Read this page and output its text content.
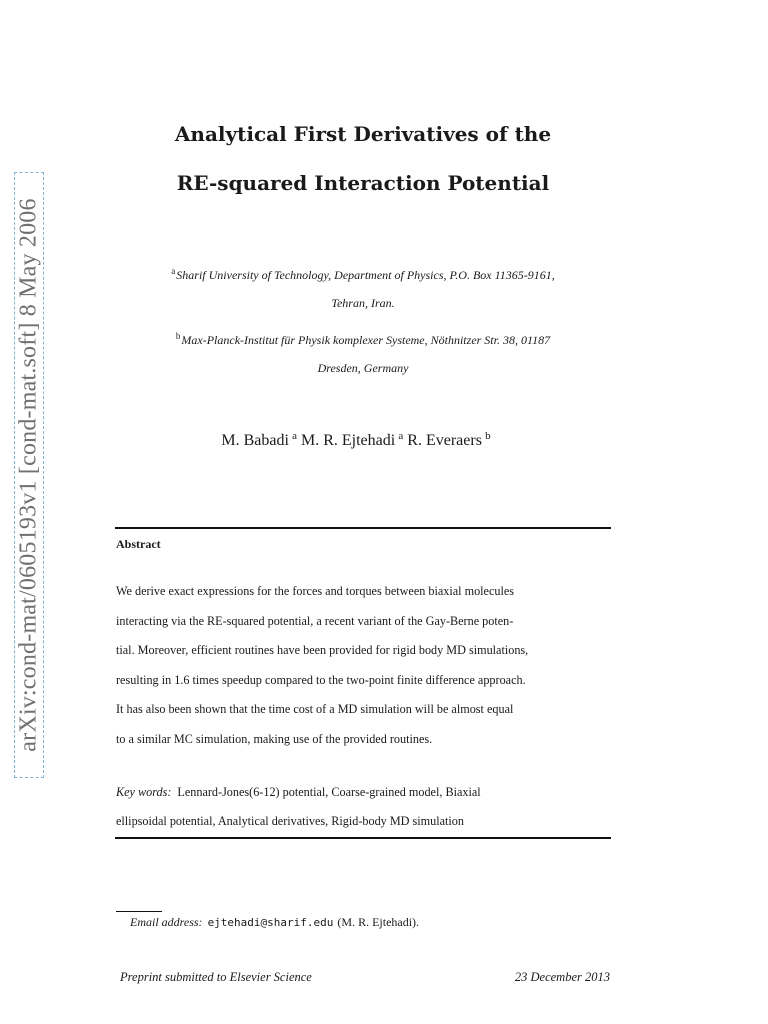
arXiv:cond-mat/0605193v1 [cond-mat.soft] 8 May 2006
Analytical First Derivatives of the
RE-squared Interaction Potential
$^a$Sharif University of Technology, Department of Physics, P.O. Box 11365-9161,
Tehran, Iran.
$^b$Max-Planck-Institut für Physik komplexer Systeme, Nöthnitzer Str. 38, 01187
Dresden, Germany
M. Babadi  $^a$ M. R. Ejtehadi  $^a$ R. Everaers  $^b$
Abstract
We derive exact expressions for the forces and torques between biaxial molecules
interacting via the RE-squared potential, a recent variant of the Gay-Berne poten-
tial. Moreover, efficient routines have been provided for rigid body MD simulations,
resulting in 1.6 times speedup compared to the two-point finite difference approach.
It has also been shown that the time cost of a MD simulation will be almost equal
to a similar MC simulation, making use of the provided routines.
Key words: Lennard-Jones(6-12) potential, Coarse-grained model, Biaxial
ellipsoidal potential, Analytical derivatives, Rigid-body MD simulation
Email address: ejtehadi@sharif.edu (M. R. Ejtehadi).
Preprint submitted to Elsevier Science	23 December 2013
